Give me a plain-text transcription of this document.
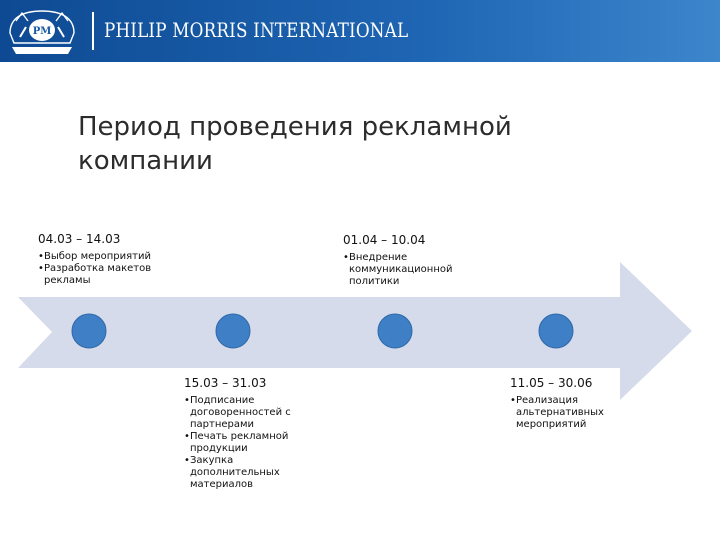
PM	PHILIP MORRIS INTERNATIONAL
Период проведения рекламной компании
04.03 – 14.03
• Выбор мероприятий
• Разработка макетов рекламы
15.03 – 31.03
• Подписание договоренностей с партнерами
• Печать рекламной продукции
• Закупка дополнительных материалов
01.04 – 10.04
• Внедрение коммуникационной политики
11.05 – 30.06
• Реализация альтернативных мероприятий
